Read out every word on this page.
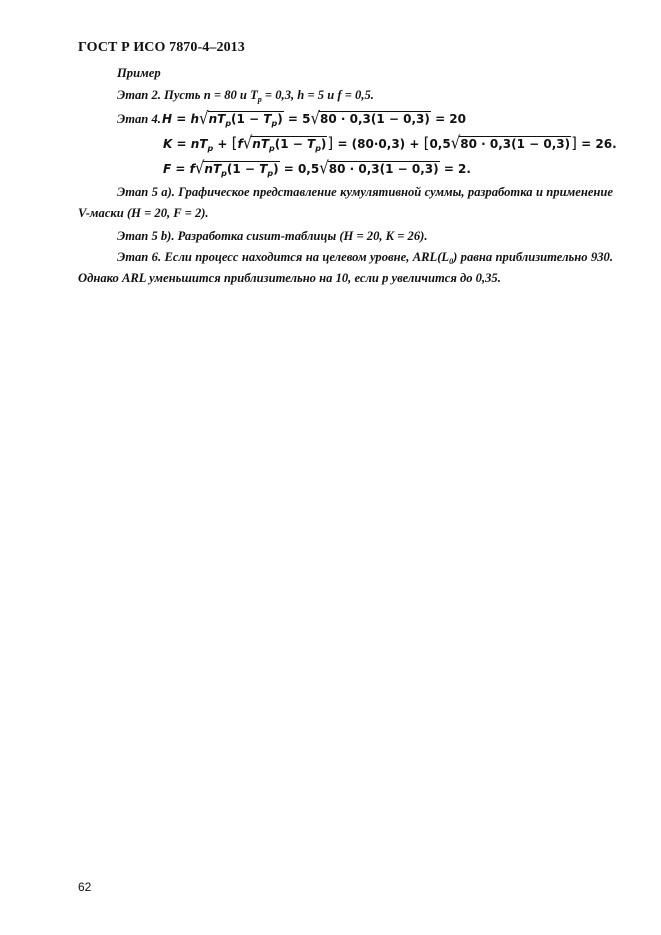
ГОСТ Р ИСО 7870-4–2013
Пример
Этап 2. Пусть n = 80 и $T_p = 0,3$, h = 5 и f = 0,5.
Этап 4. $H = h√nT_p(1 - T_p) = 5√80 \cdot 0,3(1 - 0,3) = 20$
$K = nT_p + [f√nT_p(1 - T_p)] = (80\cdot 0,3) + [0,5√80 \cdot 0,3(1 - 0,3)] = 26$.
$F = f√nT_p(1 - T_p) = 0,5√80 \cdot 0,3(1 - 0,3) = 2$.
Этап 5 а). Графическое представление кумулятивной суммы, разработка и применение
V-маски (H = 20, F = 2).
Этап 5 b). Разработка cusum-таблицы (H = 20, K = 26).
Этап 6. Если процесс находится на целевом уровне, $ARL(L_0)$ равна приблизительно 930.
Однако ARL уменьшится приблизительно на 10, если р увеличится до 0,35.
62
